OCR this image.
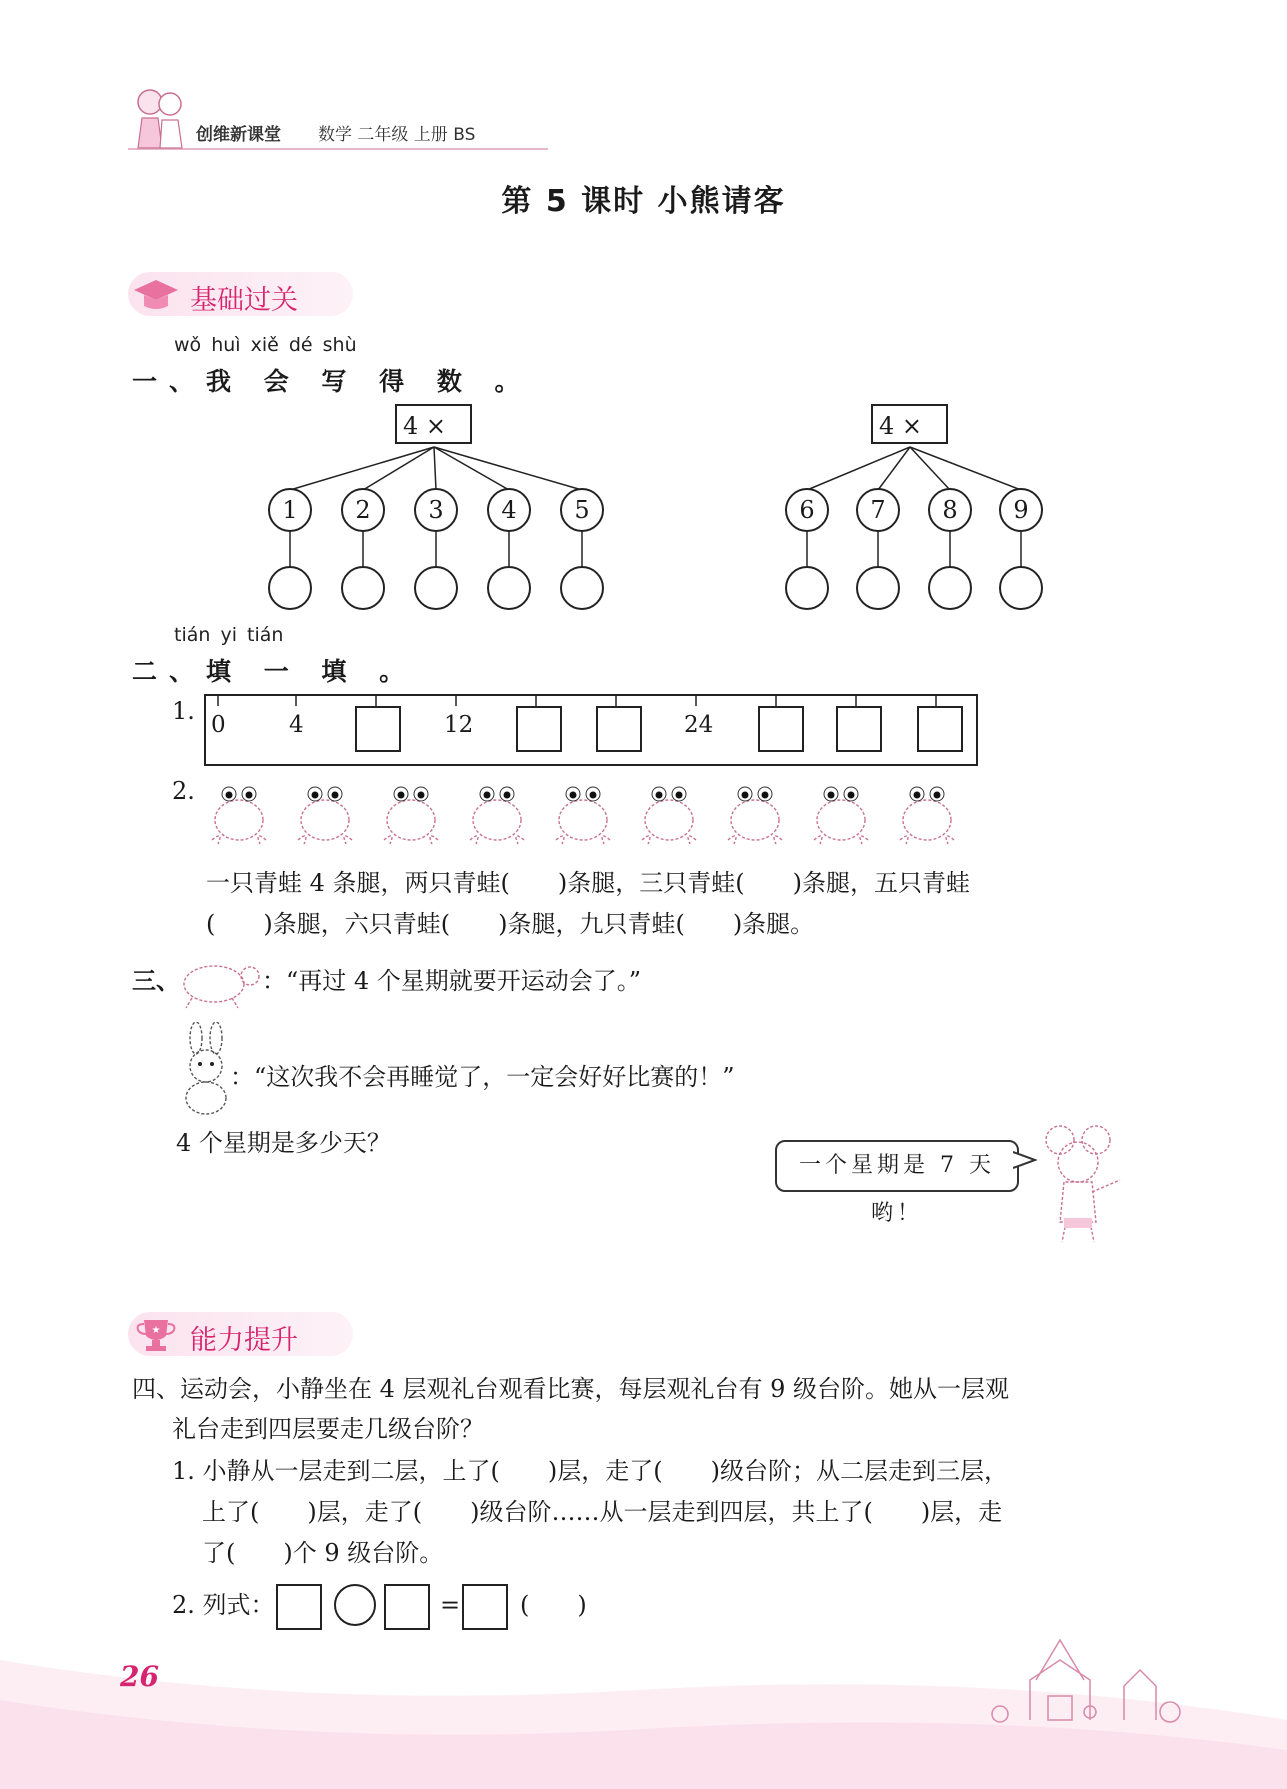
创维新课堂 数学 二年级 上册 BS
第 5 课时 小熊请客
基础过关
wǒ huì xiě dé shù
一、我 会 写 得 数 。
4 ×
1	2	3	4	5
4 ×
6	7	8	9
tián yi tián
二、填 一 填 。
1. 0	4	12	24
2.
一只青蛙 4 条腿，两只青蛙(　　)条腿，三只青蛙(　　)条腿，五只青蛙
(　　)条腿，六只青蛙(　　)条腿，九只青蛙(　　)条腿。
三、	：“再过 4 个星期就要开运动会了。”
：“这次我不会再睡觉了，一定会好好比赛的！”
4 个星期是多少天？
一个星期是 7 天哟！
★ 能力提升
四、运动会，小静坐在 4 层观礼台观看比赛，每层观礼台有 9 级台阶。她从一层观
礼台走到四层要走几级台阶？
1. 小静从一层走到二层，上了(　　)层，走了(　　)级台阶；从二层走到三层，
上了(　　)层，走了(　　)级台阶……从一层走到四层，共上了(　　)层，走
了(　　)个 9 级台阶。
2. 列式：	= (　　)
26
